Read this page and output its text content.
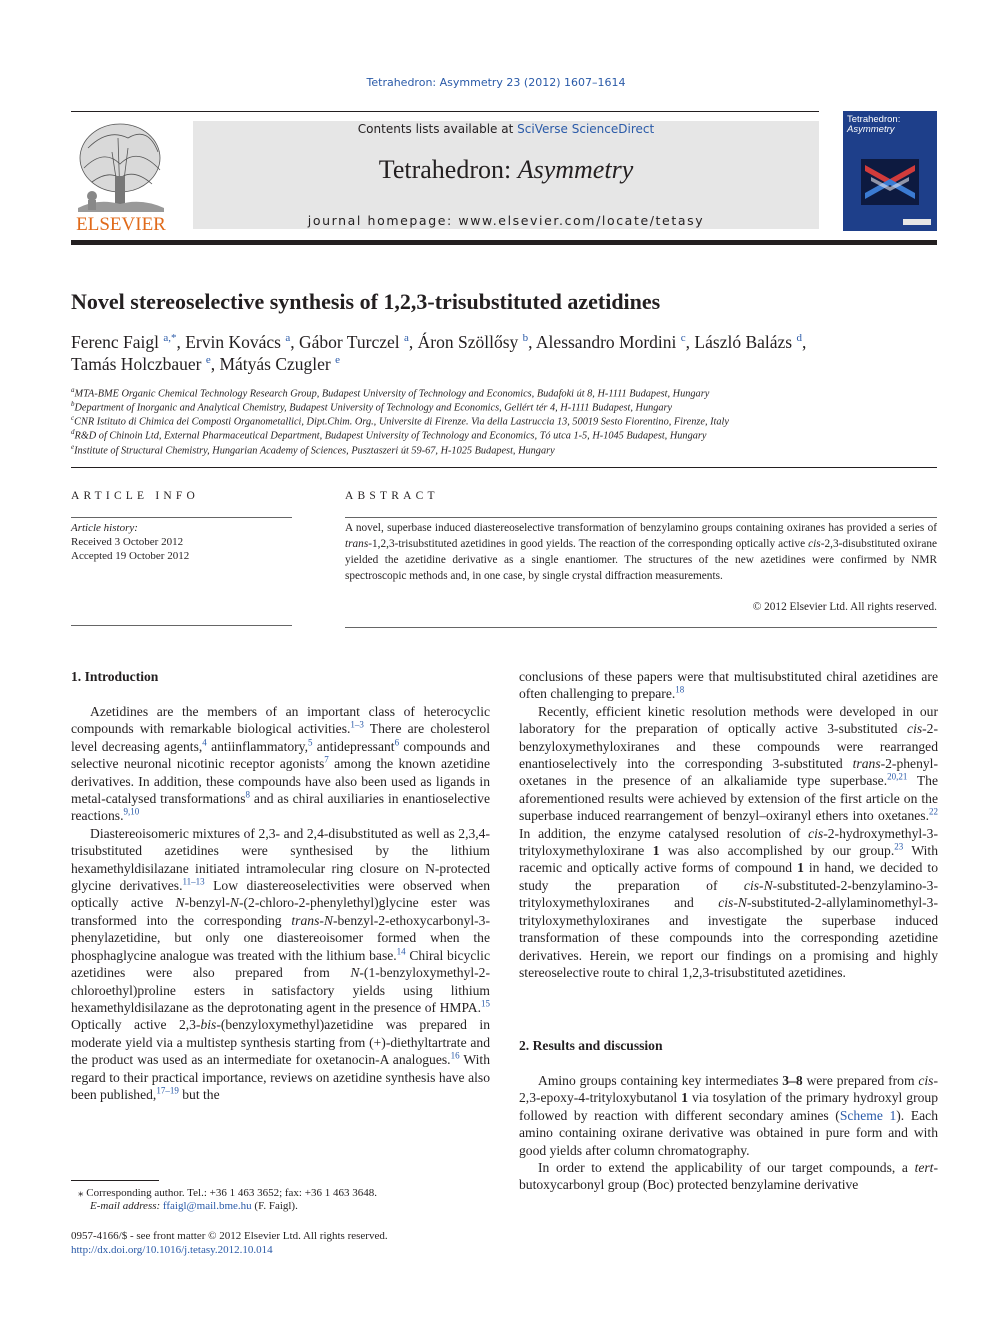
Tetrahedron: Asymmetry 23 (2012) 1607–1614
ELSEVIER
Contents lists available at SciVerse ScienceDirect
Tetrahedron: Asymmetry
journal homepage: www.elsevier.com/locate/tetasy
Tetrahedron:
Asymmetry
Novel stereoselective synthesis of 1,2,3-trisubstituted azetidines
Ferenc Faigl $^{a,*}$, Ervin Kovács $^a$, Gábor Turczel $^a$, Áron Szöllősy $^b$, Alessandro Mordini $^c$, László Balázs $^d$,
Tamás Holczbauer $^e$, Mátyás Czugler $^e$
$^a$MTA-BME Organic Chemical Technology Research Group, Budapest University of Technology and Economics, Budafoki út 8, H-1111 Budapest, Hungary
$^b$Department of Inorganic and Analytical Chemistry, Budapest University of Technology and Economics, Gellért tér 4, H-1111 Budapest, Hungary
$^c$CNR Istituto di Chimica dei Composti Organometallici, Dipt.Chim. Org., Universite di Firenze. Via della Lastruccia 13, 50019 Sesto Fiorentino, Firenze, Italy
$^d$R&D of Chinoin Ltd, External Pharmaceutical Department, Budapest University of Technology and Economics, Tó utca 1-5, H-1045 Budapest, Hungary
$^e$Institute of Structural Chemistry, Hungarian Academy of Sciences, Pusztaszeri út 59-67, H-1025 Budapest, Hungary
ARTICLE INFO	ABSTRACT
Article history:
Received 3 October 2012
Accepted 19 October 2012
A novel, superbase induced diastereoselective transformation of benzylamino groups containing oxiranes has provided a series of trans-1,2,3-trisubstituted azetidines in good yields. The reaction of the corresponding optically active cis-2,3-disubstituted oxirane yielded the azetidine derivative as a single enantiomer. The structures of the new azetidines were confirmed by NMR spectroscopic methods and, in one case, by single crystal diffraction measurements.
© 2012 Elsevier Ltd. All rights reserved.
1. Introduction

Azetidines are the members of an important class of heterocyclic compounds with remarkable biological activities.$^{1-3}$ There are cholesterol level decreasing agents,$^4$ antiinflammatory,$^5$ antidepressant$^6$ compounds and selective neuronal nicotinic receptor agonists$^7$ among the known azetidine derivatives. In addition, these compounds have also been used as ligands in metal-catalysed transformations$^8$ and as chiral auxiliaries in enantioselective reactions.$^{9,10}$

Diastereoisomeric mixtures of 2,3- and 2,4-disubstituted as well as 2,3,4-trisubstituted azetidines were synthesised by the lithium hexamethyldisilazane initiated intramolecular ring closure on N-protected glycine derivatives.$^{11-13}$ Low diastereoselectivities were observed when optically active N-benzyl-N-(2-chloro-2-phenylethyl)glycine ester was transformed into the corresponding trans-N-benzyl-2-ethoxycarbonyl-3-phenylazetidine, but only one diastereoisomer formed when the phosphaglycine analogue was treated with the lithium base.$^{14}$ Chiral bicyclic azetidines were also prepared from N-(1-benzyloxymethyl-2-chloroethyl)proline esters in satisfactory yields using lithium hexamethyldisilazane as the deprotonating agent in the presence of HMPA.$^{15}$ Optically active 2,3-bis-(benzyloxymethyl)azetidine was prepared in moderate yield via a multistep synthesis starting from (+)-diethyltartrate and the product was used as an intermediate for oxetanocin-A analogues.$^{16}$ With regard to their practical importance, reviews on azetidine synthesis have also been published,$^{17-19}$ but the

conclusions of these papers were that multisubstituted chiral azetidines are often challenging to prepare.$^{18}$

Recently, efficient kinetic resolution methods were developed in our laboratory for the preparation of optically active 3-substituted cis-2-benzyloxymethyloxiranes and these compounds were rearranged enantioselectively into the corresponding 3-substituted trans-2-phenyl-oxetanes in the presence of an alkaliamide type superbase.$^{20,21}$ The aforementioned results were achieved by extension of the first article on the superbase induced rearrangement of benzyl–oxiranyl ethers into oxetanes.$^{22}$ In addition, the enzyme catalysed resolution of cis-2-hydroxymethyl-3-trityloxymethyloxirane 1 was also accomplished by our group.$^{23}$ With racemic and optically active forms of compound 1 in hand, we decided to study the preparation of cis-N-substituted-2-benzylamino-3-trityloxymethyloxiranes and cis-N-substituted-2-allylaminomethyl-3-trityloxymethyloxiranes and investigate the superbase induced transformation of these compounds into the corresponding azetidine derivatives. Herein, we report our findings on a promising and highly stereoselective route to chiral 1,2,3-trisubstituted azetidines.

2. Results and discussion

Amino groups containing key intermediates 3–8 were prepared from cis-2,3-epoxy-4-trityloxybutanol 1 via tosylation of the primary hydroxyl group followed by reaction with different secondary amines (Scheme 1). Each amino containing oxirane derivative was obtained in pure form and with good yields after column chromatography.

In order to extend the applicability of our target compounds, a tert-butoxycarbonyl group (Boc) protected benzylamine derivative

⁎ Corresponding author. Tel.: +36 1 463 3652; fax: +36 1 463 3648.
E-mail address: ffaigl@mail.bme.hu (F. Faigl).
0957-4166/$ - see front matter © 2012 Elsevier Ltd. All rights reserved.
http://dx.doi.org/10.1016/j.tetasy.2012.10.014
